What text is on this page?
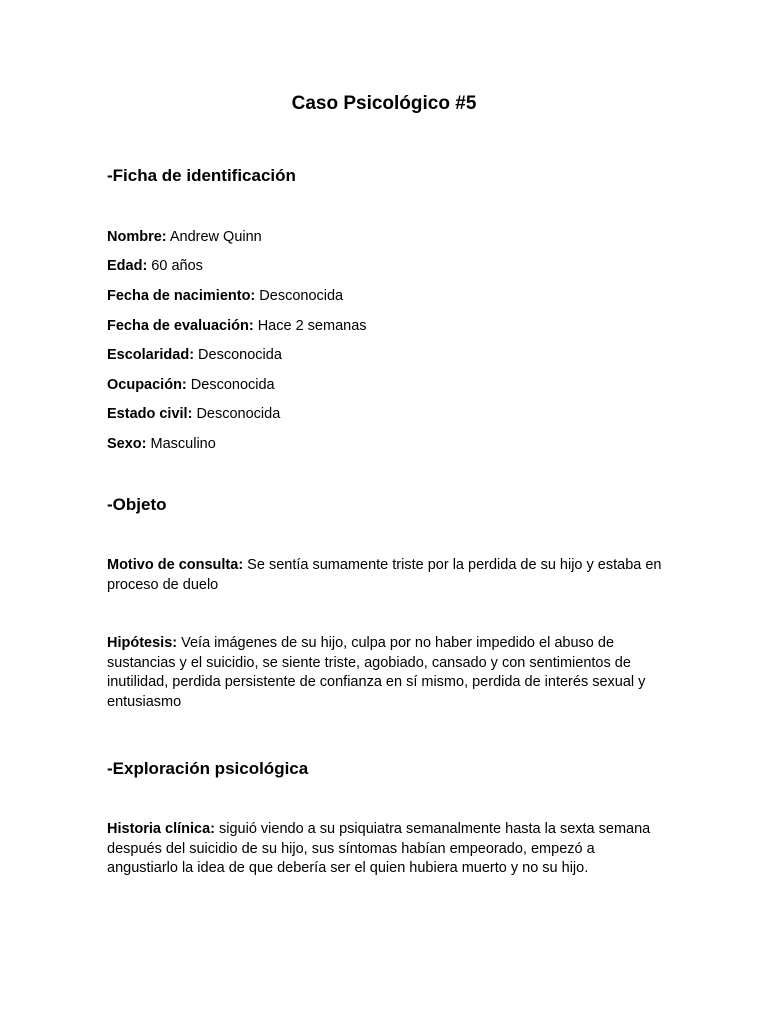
Caso Psicológico #5
-Ficha de identificación
Nombre: Andrew Quinn
Edad: 60 años
Fecha de nacimiento: Desconocida
Fecha de evaluación: Hace 2 semanas
Escolaridad: Desconocida
Ocupación: Desconocida
Estado civil: Desconocida
Sexo: Masculino
-Objeto
Motivo de consulta: Se sentía sumamente triste por la perdida de su hijo y estaba en proceso de duelo
Hipótesis: Veía imágenes de su hijo, culpa por no haber impedido el abuso de sustancias y el suicidio, se siente triste, agobiado, cansado y con sentimientos de inutilidad, perdida persistente de confianza en sí mismo, perdida de interés sexual y entusiasmo
-Exploración psicológica
Historia clínica: siguió viendo a su psiquiatra semanalmente hasta la sexta semana después del suicidio de su hijo, sus síntomas habían empeorado, empezó a angustiarlo la idea de que debería ser el quien hubiera muerto y no su hijo.
